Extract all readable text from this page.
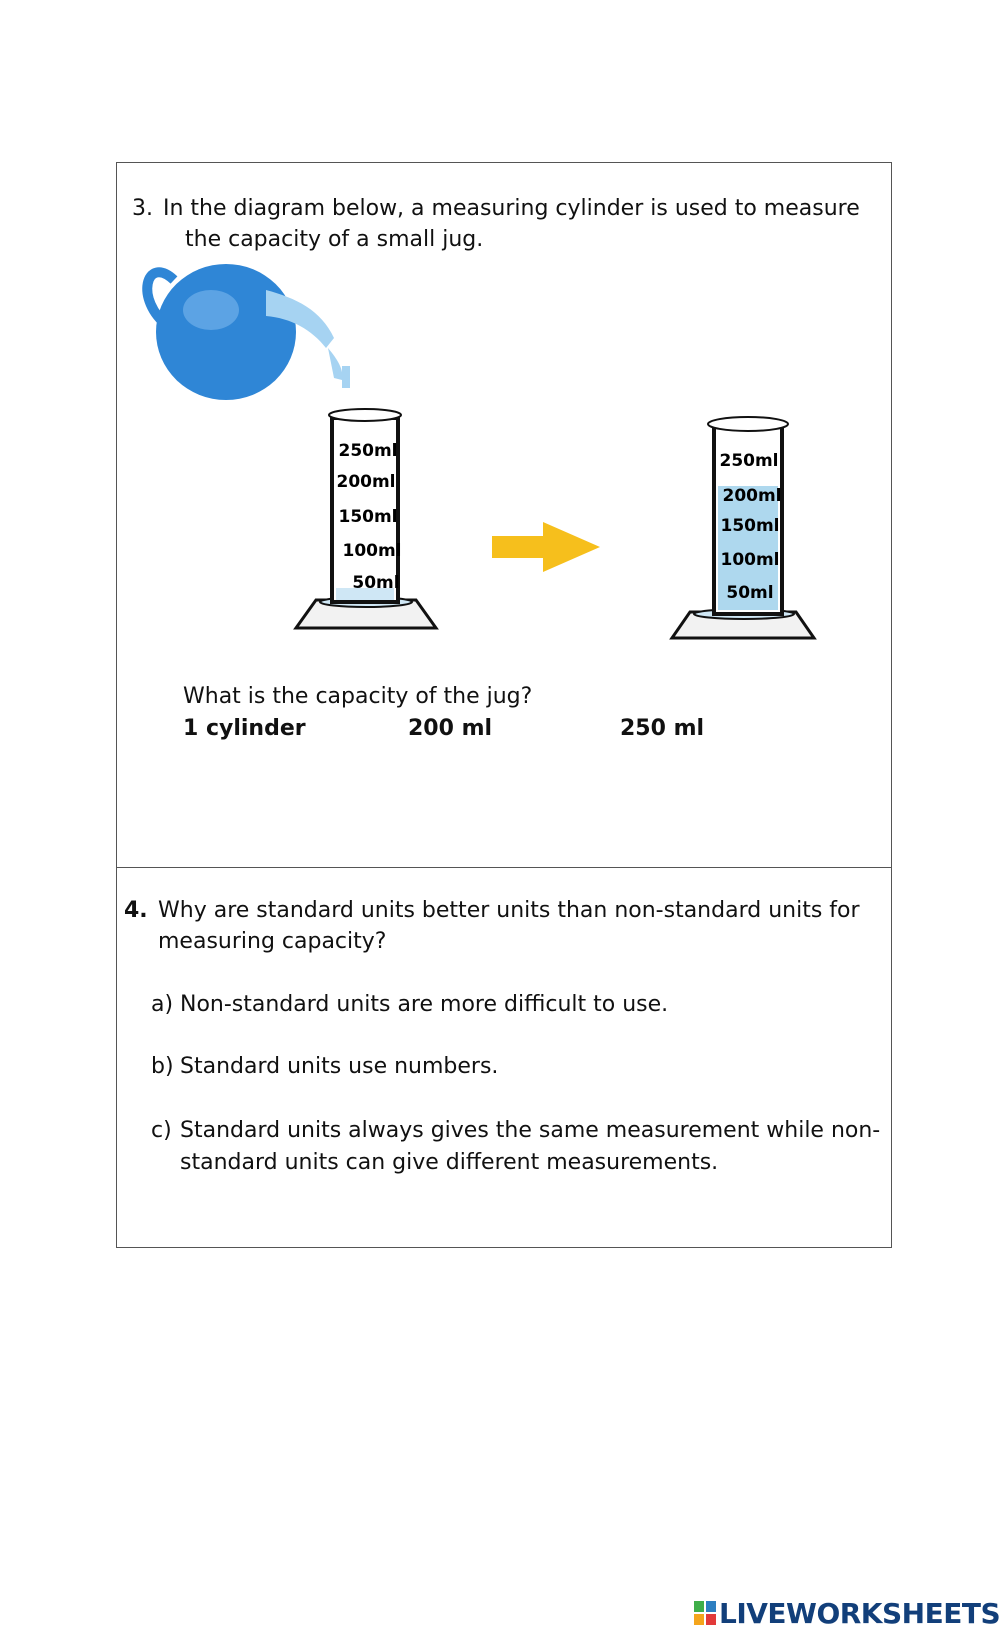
3. In the diagram below, a measuring cylinder is used to measure
the capacity of a small jug.
250ml
200ml
150ml
100ml
50ml
250ml
200ml
150ml
100ml
50ml
What is the capacity of the jug?
1 cylinder	200 ml	250 ml
4. Why are standard units better units than non-standard units for
measuring capacity?
a) Non-standard units are more difficult to use.
b) Standard units use numbers.
c) Standard units always gives the same measurement while non-
standard units can give different measurements.
LIVEWORKSHEETS
